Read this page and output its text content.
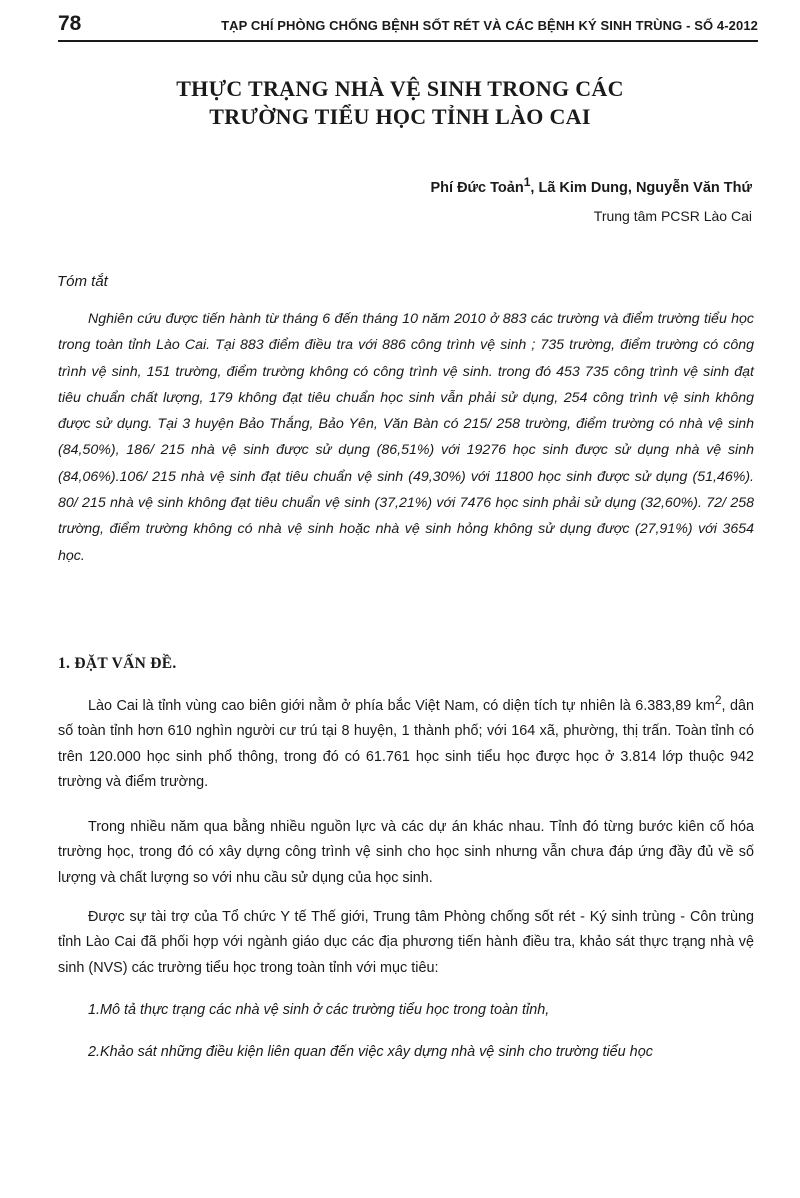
78	TẠP CHÍ PHÒNG CHỐNG BỆNH SỐT RÉT VÀ CÁC BỆNH KÝ SINH TRÙNG - SỐ 4-2012
THỰC TRẠNG NHÀ VỆ SINH TRONG CÁC
TRƯỜNG TIỂU HỌC TỈNH LÀO CAI
Phí Đức Toản$^1$, Lã Kim Dung, Nguyễn Văn Thứ
Trung tâm PCSR Lào Cai
Tóm tắt
Nghiên cứu được tiến hành từ tháng 6 đến tháng 10 năm 2010 ở 883 các trường và điểm trường tiểu học trong toàn tỉnh Lào Cai. Tại 883 điểm điều tra với 886 công trình vệ sinh ; 735 trường, điểm trường có công trình vệ sinh, 151 trường, điểm trường không có công trình vệ sinh. trong đó 453 735 công trình vệ sinh đạt tiêu chuẩn chất lượng, 179 không đạt tiêu chuẩn học sinh vẫn phải sử dụng, 254 công trình vệ sinh không được sử dụng. Tại 3 huyện Bảo Thắng, Bảo Yên, Văn Bàn có 215/ 258 trường, điểm trường có nhà vệ sinh (84,50%), 186/ 215 nhà vệ sinh được sử dụng (86,51%) với 19276 học sinh được sử dụng nhà vệ sinh (84,06%).106/ 215 nhà vệ sinh đạt tiêu chuẩn vệ sinh (49,30%) với 11800 học sinh được sử dụng (51,46%). 80/ 215 nhà vệ sinh không đạt tiêu chuẩn vệ sinh (37,21%) với 7476 học sinh phải sử dụng (32,60%). 72/ 258 trường, điểm trường không có nhà vệ sinh hoặc nhà vệ sinh hỏng không sử dụng được (27,91%) với 3654 học.
1. ĐẶT VẤN ĐỀ.
Lào Cai là tỉnh vùng cao biên giới nằm ở phía bắc Việt Nam, có diện tích tự nhiên là 6.383,89 $km^2$, dân số toàn tỉnh hơn 610 nghìn người cư trú tại 8 huyện, 1 thành phố; với 164 xã, phường, thị trấn. Toàn tỉnh có trên 120.000 học sinh phổ thông, trong đó có 61.761 học sinh tiểu học được học ở 3.814 lớp thuộc 942 trường và điểm trường.
Trong nhiều năm qua bằng nhiều nguồn lực và các dự án khác nhau. Tỉnh đó từng bước kiên cố hóa trường học, trong đó có xây dựng công trình vệ sinh cho học sinh nhưng vẫn chưa đáp ứng đầy đủ về số lượng và chất lượng so với nhu cầu sử dụng của học sinh.
Được sự tài trợ của Tổ chức Y tế Thế giới, Trung tâm Phòng chống sốt rét - Ký sinh trùng - Côn trùng tỉnh Lào Cai đã phối hợp với ngành giáo dục các địa phương tiến hành điều tra, khảo sát thực trạng nhà vệ sinh (NVS) các trường tiểu học trong toàn tỉnh với mục tiêu:
1.Mô tả thực trạng các nhà vệ sinh ở các trường tiểu học trong toàn tỉnh,
2.Khảo sát những điều kiện liên quan đến việc xây dựng nhà vệ sinh cho trường tiểu học
